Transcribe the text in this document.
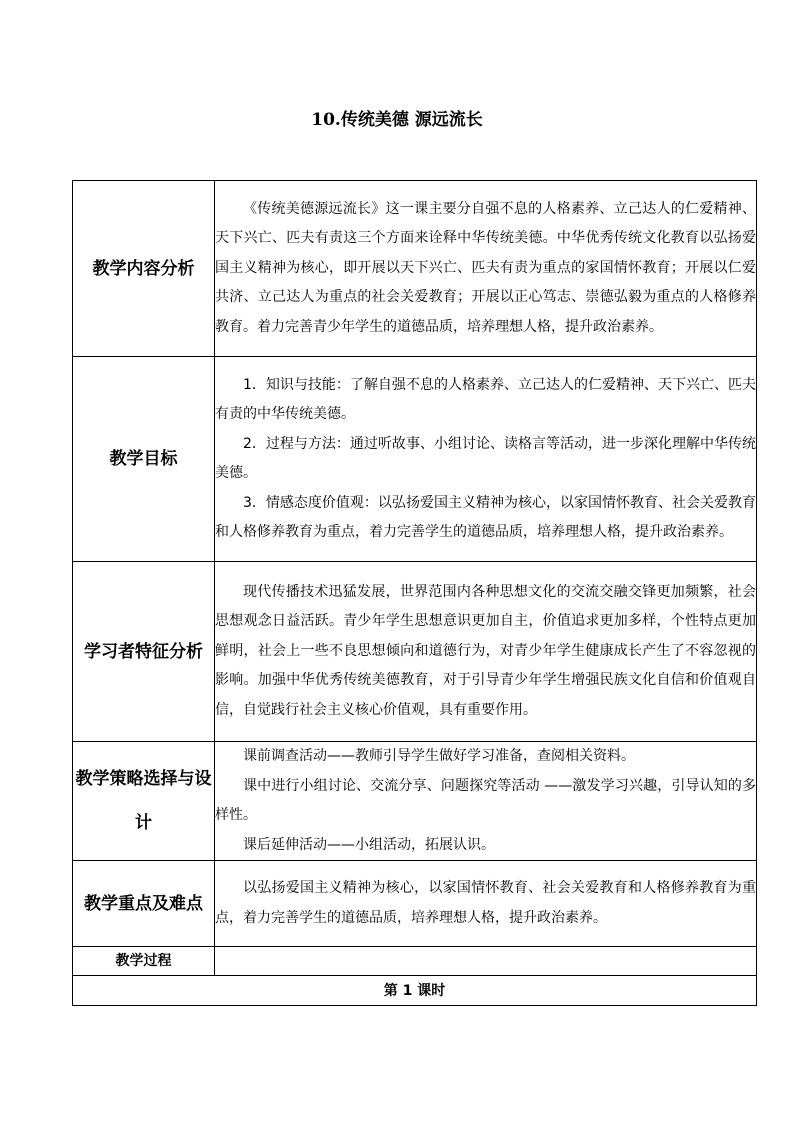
10.传统美德 源远流长
教学内容分析	《传统美德源远流长》这一课主要分自强不息的人格素养、立己达人的仁爱精神、天下兴亡、匹夫有责这三个方面来诠释中华传统美德。中华优秀传统文化教育以弘扬爱国主义精神为核心，即开展以天下兴亡、匹夫有责为重点的家国情怀教育；开展以仁爱共济、立己达人为重点的社会关爱教育；开展以正心笃志、崇德弘毅为重点的人格修养教育。着力完善青少年学生的道德品质，培养理想人格，提升政治素养。

教学目标	1．知识与技能：了解自强不息的人格素养、立己达人的仁爱精神、天下兴亡、匹夫有责的中华传统美德。

2．过程与方法：通过听故事、小组讨论、读格言等活动，进一步深化理解中华传统美德。

3．情感态度价值观：以弘扬爱国主义精神为核心，以家国情怀教育、社会关爱教育和人格修养教育为重点，着力完善学生的道德品质，培养理想人格，提升政治素养。

学习者特征分析	现代传播技术迅猛发展，世界范围内各种思想文化的交流交融交锋更加频繁，社会思想观念日益活跃。青少年学生思想意识更加自主，价值追求更加多样，个性特点更加鲜明，社会上一些不良思想倾向和道德行为，对青少年学生健康成长产生了不容忽视的影响。加强中华优秀传统美德教育，对于引导青少年学生增强民族文化自信和价值观自信，自觉践行社会主义核心价值观，具有重要作用。

教学策略选择与设计	课前调查活动——教师引导学生做好学习准备，查阅相关资料。

课中进行小组讨论、交流分享、问题探究等活动 ——激发学习兴趣，引导认知的多样性。

课后延伸活动——小组活动，拓展认识。

教学重点及难点	以弘扬爱国主义精神为核心，以家国情怀教育、社会关爱教育和人格修养教育为重点，着力完善学生的道德品质，培养理想人格，提升政治素养。

教学过程	
第 1 课时	
